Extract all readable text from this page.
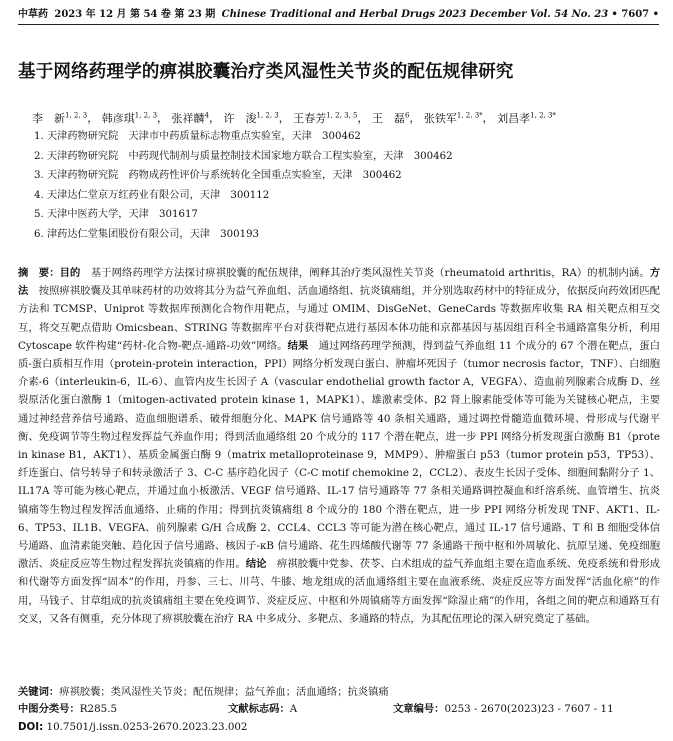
中草药 2023 年 12 月 第 54 卷 第 23 期 Chinese Traditional and Herbal Drugs 2023 December Vol. 54 No. 23 • 7607 •
基于网络药理学的痹祺胶囊治疗类风湿性关节炎的配伍规律研究
李　新$^{1, 2, 3}$， 韩彦琪$^{1, 2, 3}$， 张祥麟$^4$， 许　浚$^{1, 2, 3}$， 王春芳$^{1, 2, 3, 5}$， 王　磊$^6$， 张铁军$^{1, 2, 3*}$， 刘昌孝$^{1, 2, 3*}$
1. 天津药物研究院　天津市中药质量标志物重点实验室，天津　300462
2. 天津药物研究院　中药现代制剂与质量控制技术国家地方联合工程实验室，天津　300462
3. 天津药物研究院　药物成药性评价与系统转化全国重点实验室，天津　300462
4. 天津达仁堂京万红药业有限公司，天津　300112
5. 天津中医药大学，天津　301617
6. 津药达仁堂集团股份有限公司，天津　300193
摘　要：目的　基于网络药理学方法探讨痹祺胶囊的配伍规律，阐释其治疗类风湿性关节炎（rheumatoid arthritis，RA）的机制内涵。方法　按照痹祺胶囊及其单味药材的功效将其分为益气养血组、活血通络组、抗炎镇痛组，并分别选取药材中的特征成分，依据反向药效团匹配方法和 TCMSP、Uniprot 等数据库预测化合物作用靶点，与通过 OMIM、DisGeNet、GeneCards 等数据库收集 RA 相关靶点相互交互，将交互靶点借助 Omicsbean、STRING 等数据库平台对获得靶点进行基因本体功能和京都基因与基因组百科全书通路富集分析，利用 Cytoscape 软件构建“药材-化合物-靶点-通路-功效”网络。结果　通过网络药理学预测，得到益气养血组 11 个成分的 67 个潜在靶点，蛋白质-蛋白质相互作用（protein-protein interaction，PPI）网络分析发现白蛋白、肿瘤坏死因子（tumor necrosis factor，TNF）、白细胞介素-6（interleukin-6，IL-6）、血管内皮生长因子 A（vascular endothelial growth factor A，VEGFA）、造血前列腺素合成酶 D、丝裂原活化蛋白激酶 1（mitogen-activated protein kinase 1，MAPK1）、雄激素受体、β2 肾上腺素能受体等可能为关键核心靶点，主要通过神经营养信号通路、造血细胞谱系、破骨细胞分化、MAPK 信号通路等 40 条相关通路，通过调控骨髓造血微环境、骨形成与代谢平衡、免疫调节等生物过程发挥益气养血作用；得到活血通络组 20 个成分的 117 个潜在靶点，进一步 PPI 网络分析发现蛋白激酶 B1（protein kinase B1，AKT1）、基质金属蛋白酶 9（matrix metalloproteinase 9，MMP9）、肿瘤蛋白 p53（tumor protein p53，TP53）、纤连蛋白、信号转导子和转录激活子 3、C-C 基序趋化因子（C-C motif chemokine 2，CCL2）、表皮生长因子受体、细胞间黏附分子 1、IL17A 等可能为核心靶点，并通过血小板激活、VEGF 信号通路、IL-17 信号通路等 77 条相关通路调控凝血和纤溶系统、血管增生、抗炎镇痛等生物过程发挥活血通络、止痛的作用；得到抗炎镇痛组 8 个成分的 180 个潜在靶点，进一步 PPI 网络分析发现 TNF、AKT1、IL-6、TP53、IL1B、VEGFA、前列腺素 G/H 合成酶 2、CCL4、CCL3 等可能为潜在核心靶点，通过 IL-17 信号通路、T 和 B 细胞受体信号通路、血清素能突触、趋化因子信号通路、核因子-κB 信号通路、花生四烯酸代谢等 77 条通路干预中枢和外周敏化、抗原呈递、免疫细胞激活、炎症反应等生物过程发挥抗炎镇痛的作用。结论　痹祺胶囊中党参、茯苓、白术组成的益气养血组主要在造血系统、免疫系统和骨形成和代谢等方面发挥“固本”的作用，丹参、三七、川芎、牛膝、地龙组成的活血通络组主要在血液系统、炎症反应等方面发挥“活血化瘀”的作用，马钱子、甘草组成的抗炎镇痛组主要在免疫调节、炎症反应、中枢和外周镇痛等方面发挥“除湿止痛”的作用，各组之间的靶点和通路互有交叉，又各有侧重，充分体现了痹祺胶囊在治疗 RA 中多成分、多靶点、多通路的特点，为其配伍理论的深入研究奠定了基础。
关键词：痹祺胶囊；类风湿性关节炎；配伍规律；益气养血；活血通络；抗炎镇痛
中图分类号：R285.5	文献标志码：A	文章编号：0253 - 2670(2023)23 - 7607 - 11
DOI: 10.7501/j.issn.0253-2670.2023.23.002
